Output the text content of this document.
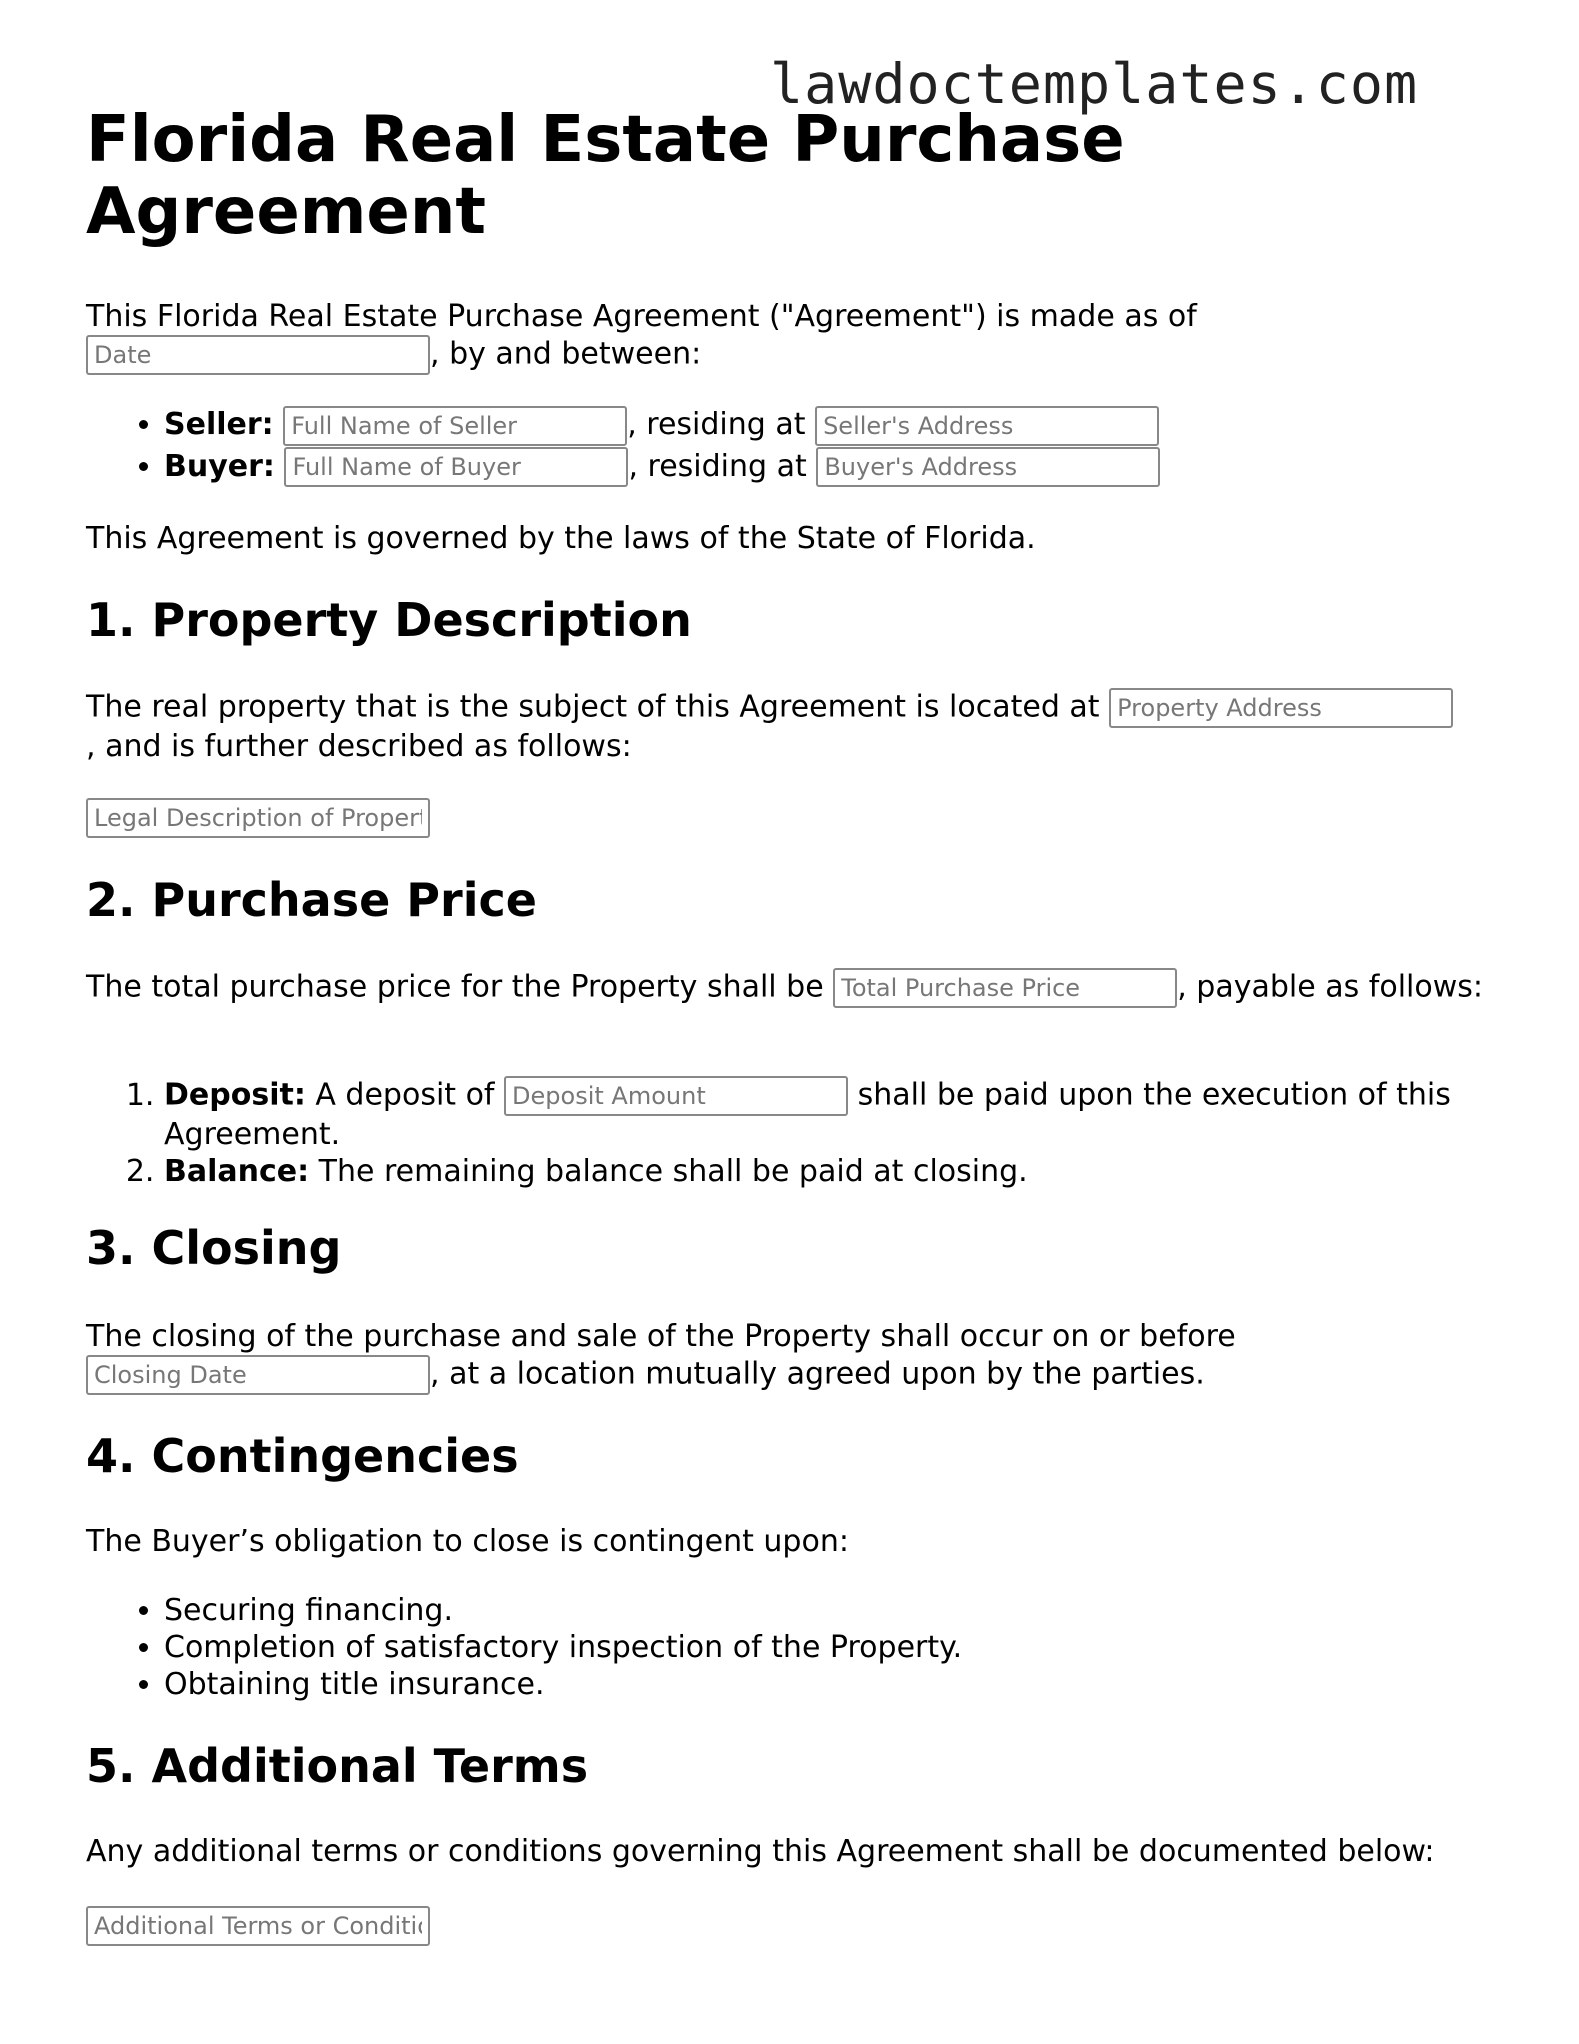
lawdoctemplates.com
Florida Real Estate Purchase Agreement

This Florida Real Estate Purchase Agreement ("Agreement") is made as of
Date, by and between:

• Seller: Full Name of Seller	, residing at Seller's Address
• Buyer: Full Name of Buyer	, residing at Buyer's Address

This Agreement is governed by the laws of the State of Florida.

1. Property Description

The real property that is the subject of this Agreement is located at Property Address
, and is further described as follows:

Legal Description of Property
2. Purchase Price

The total purchase price for the Property shall be Total Purchase Price	, payable as follows:

1. Deposit: A deposit of Deposit Amount	shall be paid upon the execution of this Agreement.
2. Balance: The remaining balance shall be paid at closing.
3. Closing

The closing of the purchase and sale of the Property shall occur on or before
Closing Date, at a location mutually agreed upon by the parties.

4. Contingencies

The Buyer’s obligation to close is contingent upon:

• Securing financing.
• Completion of satisfactory inspection of the Property.
• Obtaining title insurance.
5. Additional Terms

Any additional terms or conditions governing this Agreement shall be documented below:

Additional Terms or Conditions
